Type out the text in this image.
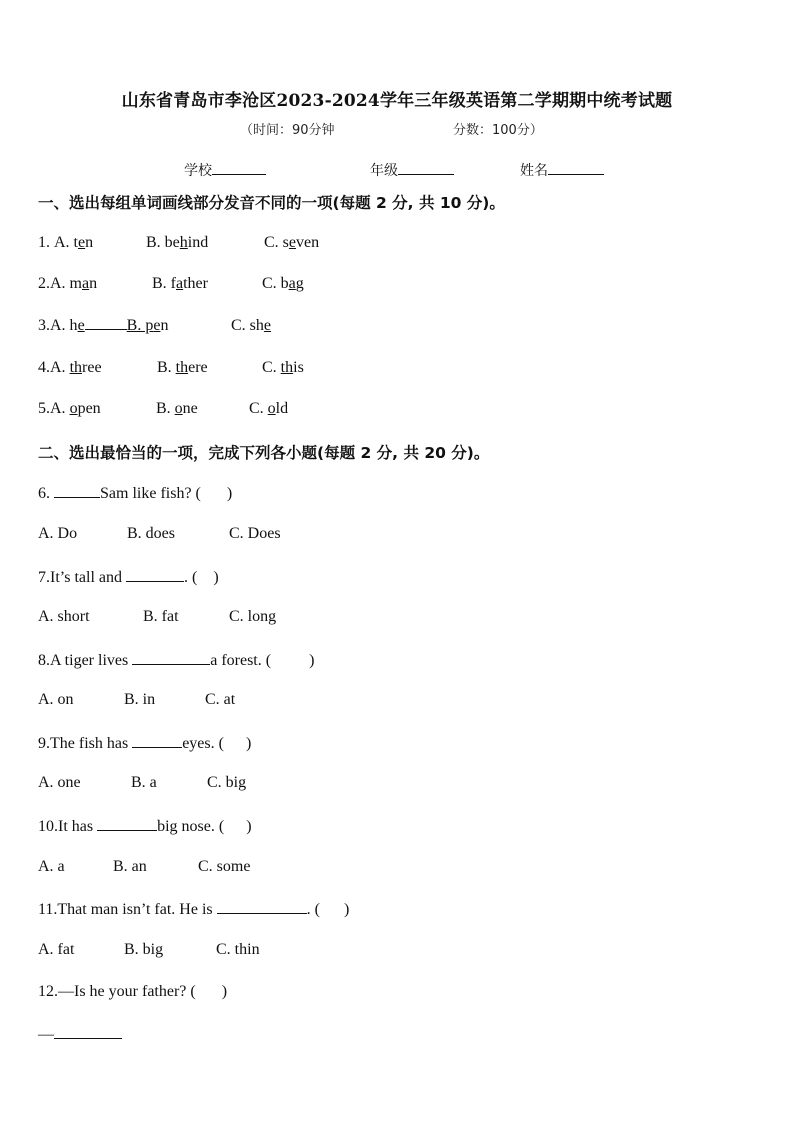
山东省青岛市李沧区2023-2024学年三年级英语第二学期期中统考试题
（时间：90分钟	分数：100分）
学校	年级	姓名
一、选出每组单词画线部分发音不同的一项(每题 2 分, 共 10 分)。
1. A. ten	B. behind	C. seven
2.A. man	B. father	C. bag
3.A. he	B. pen	C. she
4.A. three	B. there	C. this
5.A. open	B. one	C. old
二、选出最恰当的一项，完成下列各小题(每题 2 分, 共 20 分)。
6.	Sam like fish? ( )
A. Do	B. does	C. Does
7.It’s tall and	. ( )
A. short	B. fat	C. long
8.A tiger lives	a forest. ( )
A. on	B. in	C. at
9.The fish has	eyes. ( )
A. one	B. a	C. big
10.It has	big nose. ( )
A. a	B. an	C. some
11.That man isn’t fat. He is	. ( )
A. fat	B. big	C. thin
12.—Is he your father? ( )
—
